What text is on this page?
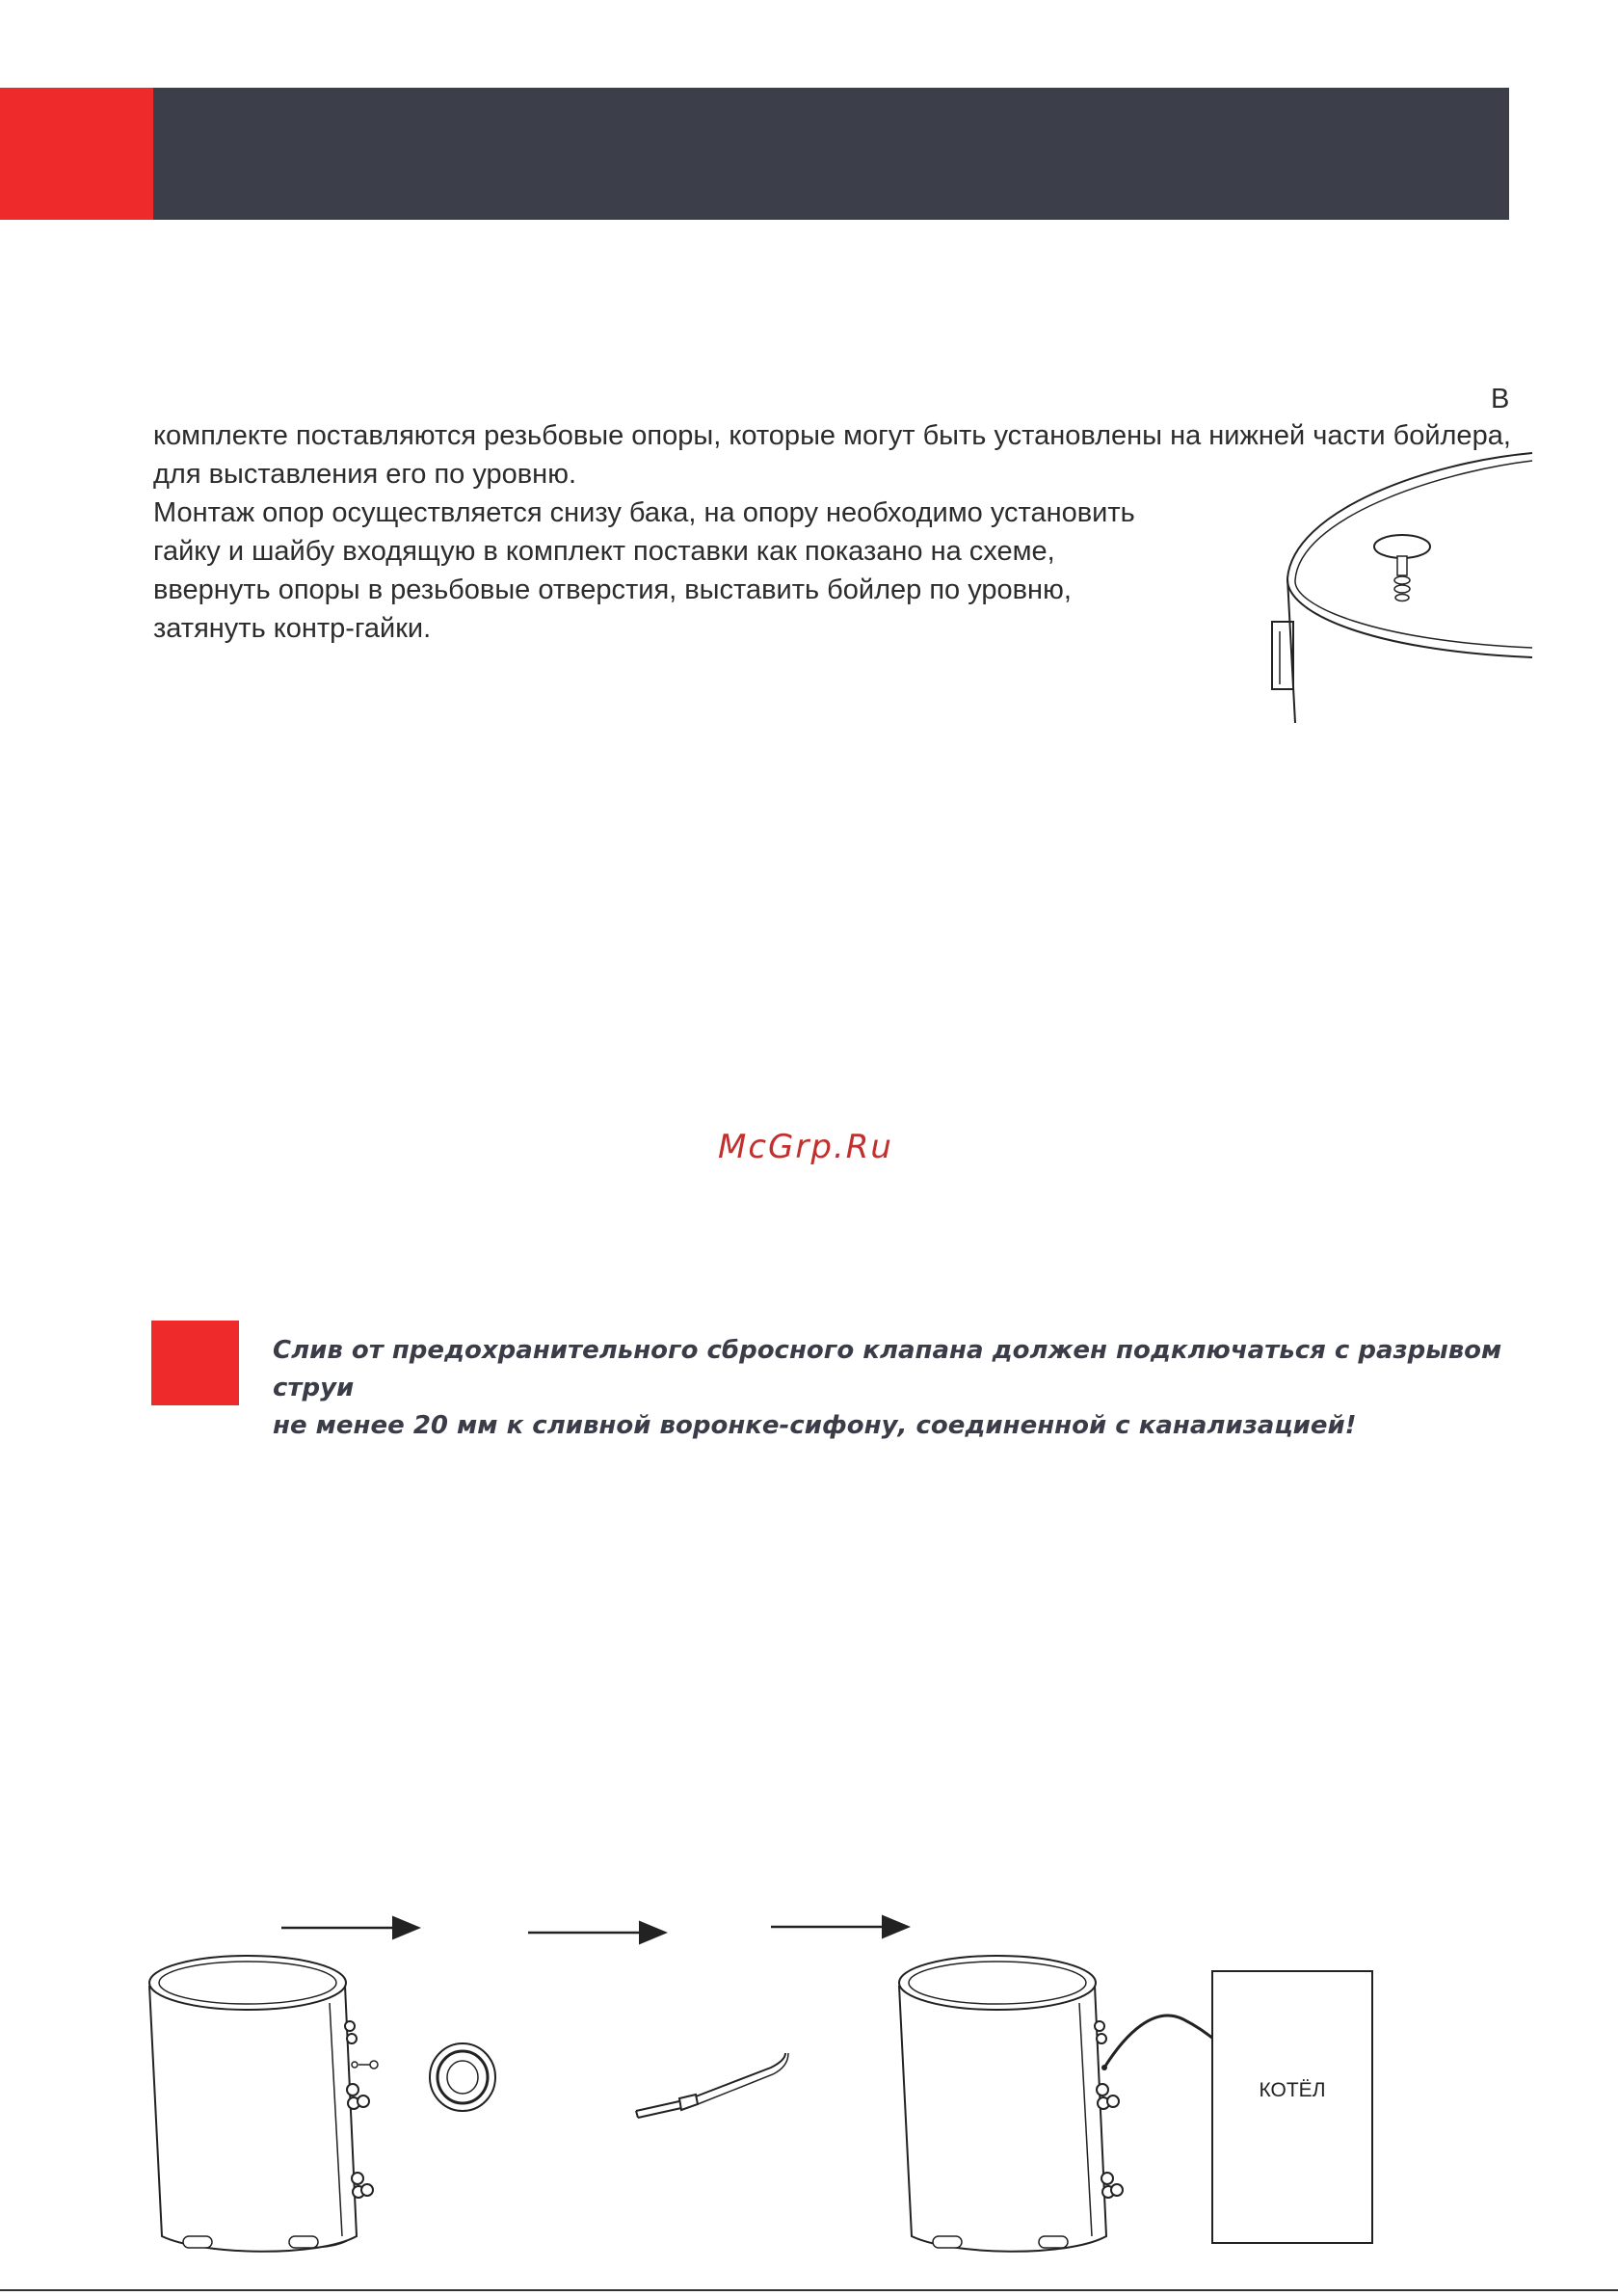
В

комплекте поставляются резьбовые опоры, которые могут быть установлены на нижней части бойлера,
для выставления его по уровню.

Монтаж опор осуществляется снизу бака, на опору необходимо установить
гайку и шайбу входящую в комплект поставки как показано на схеме,
ввернуть опоры в резьбовые отверстия, выставить бойлер по уровню,
затянуть контр-гайки.

McGrp.Ru

Слив от предохранительного сбросного клапана должен подключаться с разрывом струи
не менее 20 мм к сливной воронке-сифону, соединенной с канализацией!

КОТЁЛ
